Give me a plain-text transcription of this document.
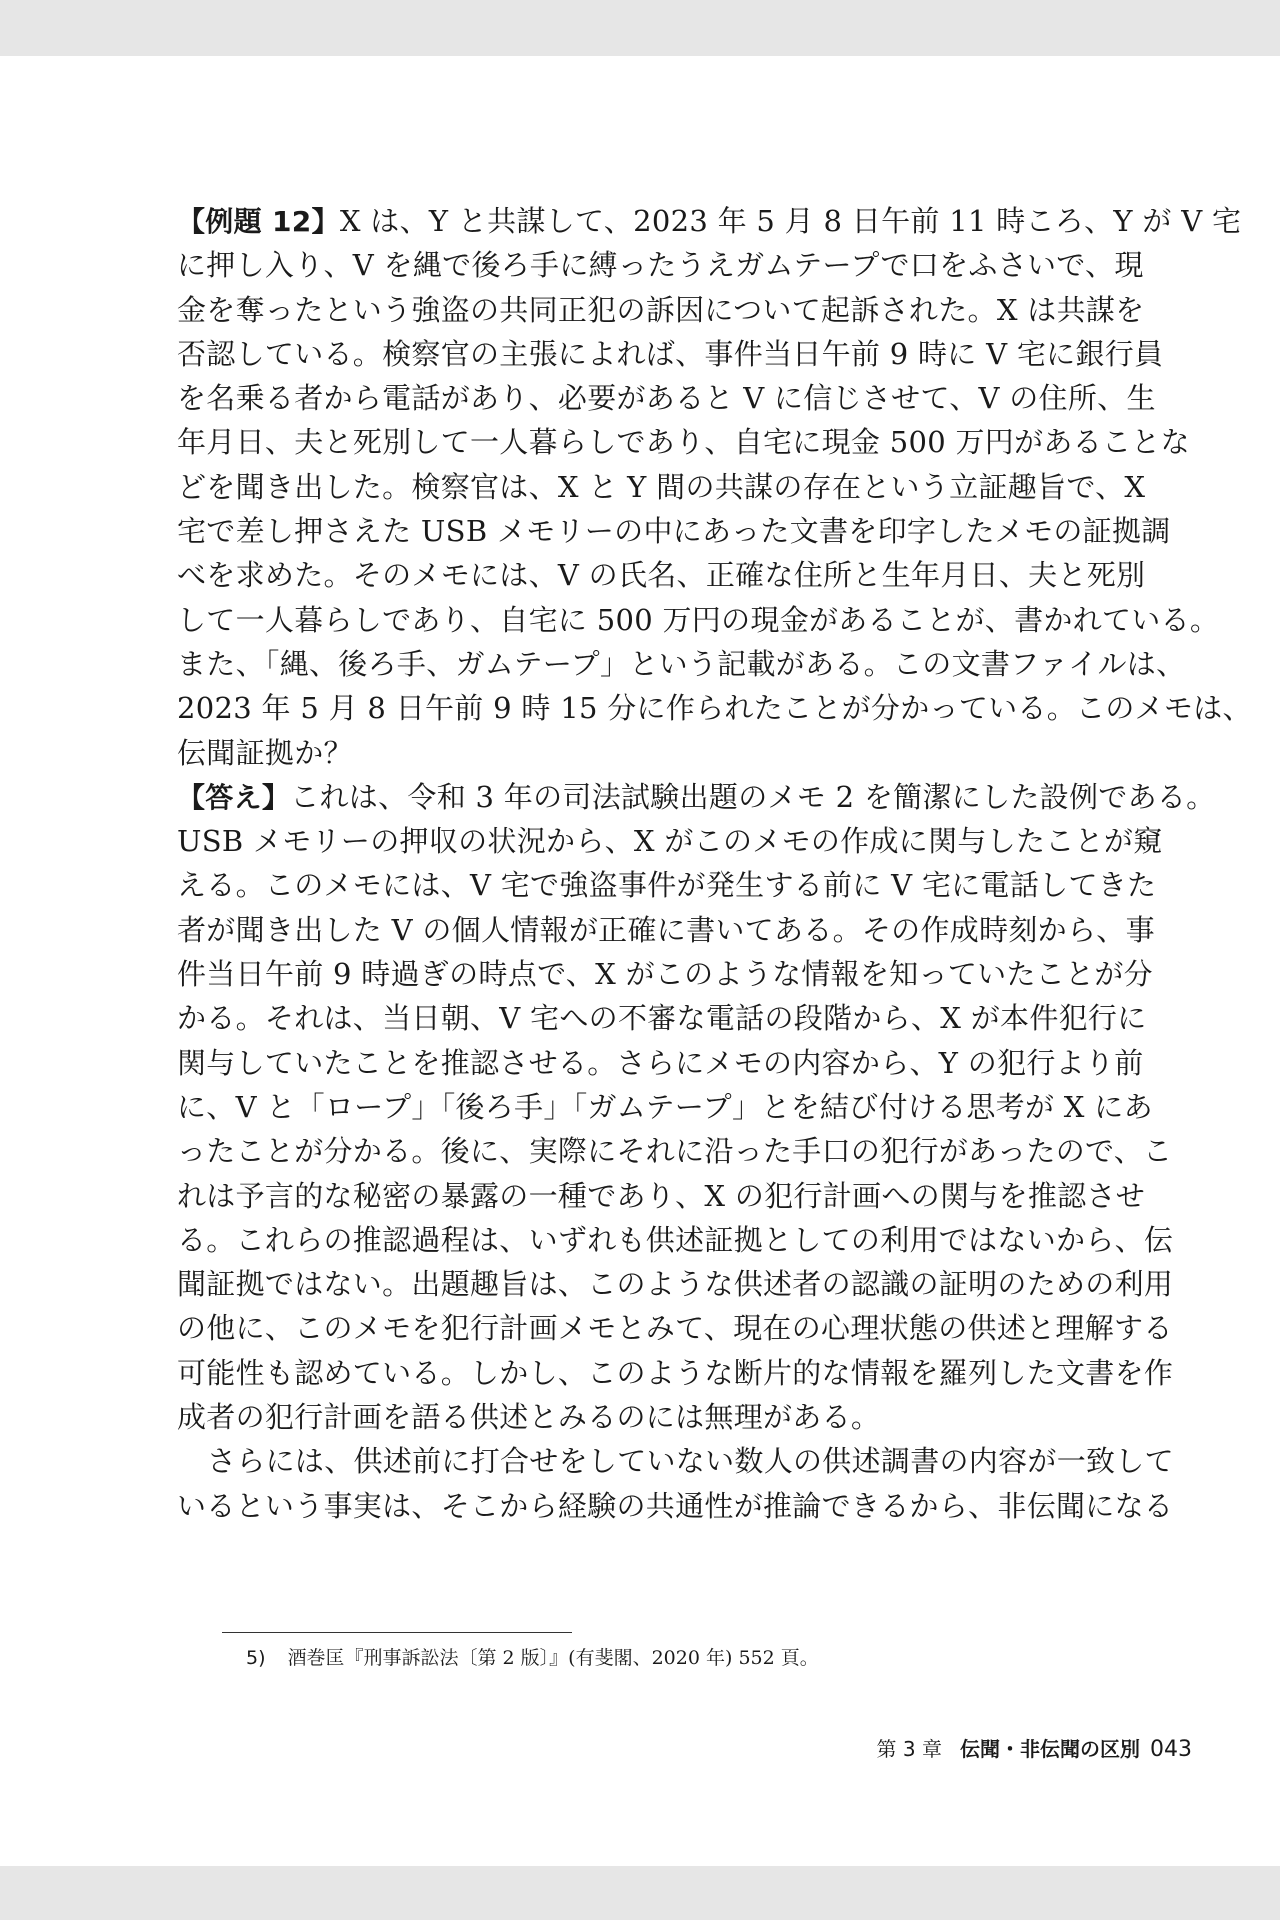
【例題 12】X は、Y と共謀して、2023 年 5 月 8 日午前 11 時ころ、Y が V 宅
に押し入り、V を縄で後ろ手に縛ったうえガムテープで口をふさいで、現
金を奪ったという強盗の共同正犯の訴因について起訴された。X は共謀を
否認している。検察官の主張によれば、事件当日午前 9 時に V 宅に銀行員
を名乗る者から電話があり、必要があると V に信じさせて、V の住所、生
年月日、夫と死別して一人暮らしであり、自宅に現金 500 万円があることな
どを聞き出した。検察官は、X と Y 間の共謀の存在という立証趣旨で、X
宅で差し押さえた USB メモリーの中にあった文書を印字したメモの証拠調
べを求めた。そのメモには、V の氏名、正確な住所と生年月日、夫と死別
して一人暮らしであり、自宅に 500 万円の現金があることが、書かれている。
また、「縄、後ろ手、ガムテープ」という記載がある。この文書ファイルは、
2023 年 5 月 8 日午前 9 時 15 分に作られたことが分かっている。このメモは、
伝聞証拠か？
【答え】これは、令和 3 年の司法試験出題のメモ 2 を簡潔にした設例である。
USB メモリーの押収の状況から、X がこのメモの作成に関与したことが窺
える。このメモには、V 宅で強盗事件が発生する前に V 宅に電話してきた
者が聞き出した V の個人情報が正確に書いてある。その作成時刻から、事
件当日午前 9 時過ぎの時点で、X がこのような情報を知っていたことが分
かる。それは、当日朝、V 宅への不審な電話の段階から、X が本件犯行に
関与していたことを推認させる。さらにメモの内容から、Y の犯行より前
に、V と「ロープ」「後ろ手」「ガムテープ」とを結び付ける思考が X にあ
ったことが分かる。後に、実際にそれに沿った手口の犯行があったので、こ
れは予言的な秘密の暴露の一種であり、X の犯行計画への関与を推認させ
る。これらの推認過程は、いずれも供述証拠としての利用ではないから、伝
聞証拠ではない。出題趣旨は、このような供述者の認識の証明のための利用
の他に、このメモを犯行計画メモとみて、現在の心理状態の供述と理解する
可能性も認めている。しかし、このような断片的な情報を羅列した文書を作
成者の犯行計画を語る供述とみるのには無理がある。
さらには、供述前に打合せをしていない数人の供述調書の内容が一致して
いるという事実は、そこから経験の共通性が推論できるから、非伝聞になる
5) 酒巻匡『刑事訴訟法〔第 2 版〕』(有斐閣、2020 年) 552 頁。
第 3 章 伝聞・非伝聞の区別 043
